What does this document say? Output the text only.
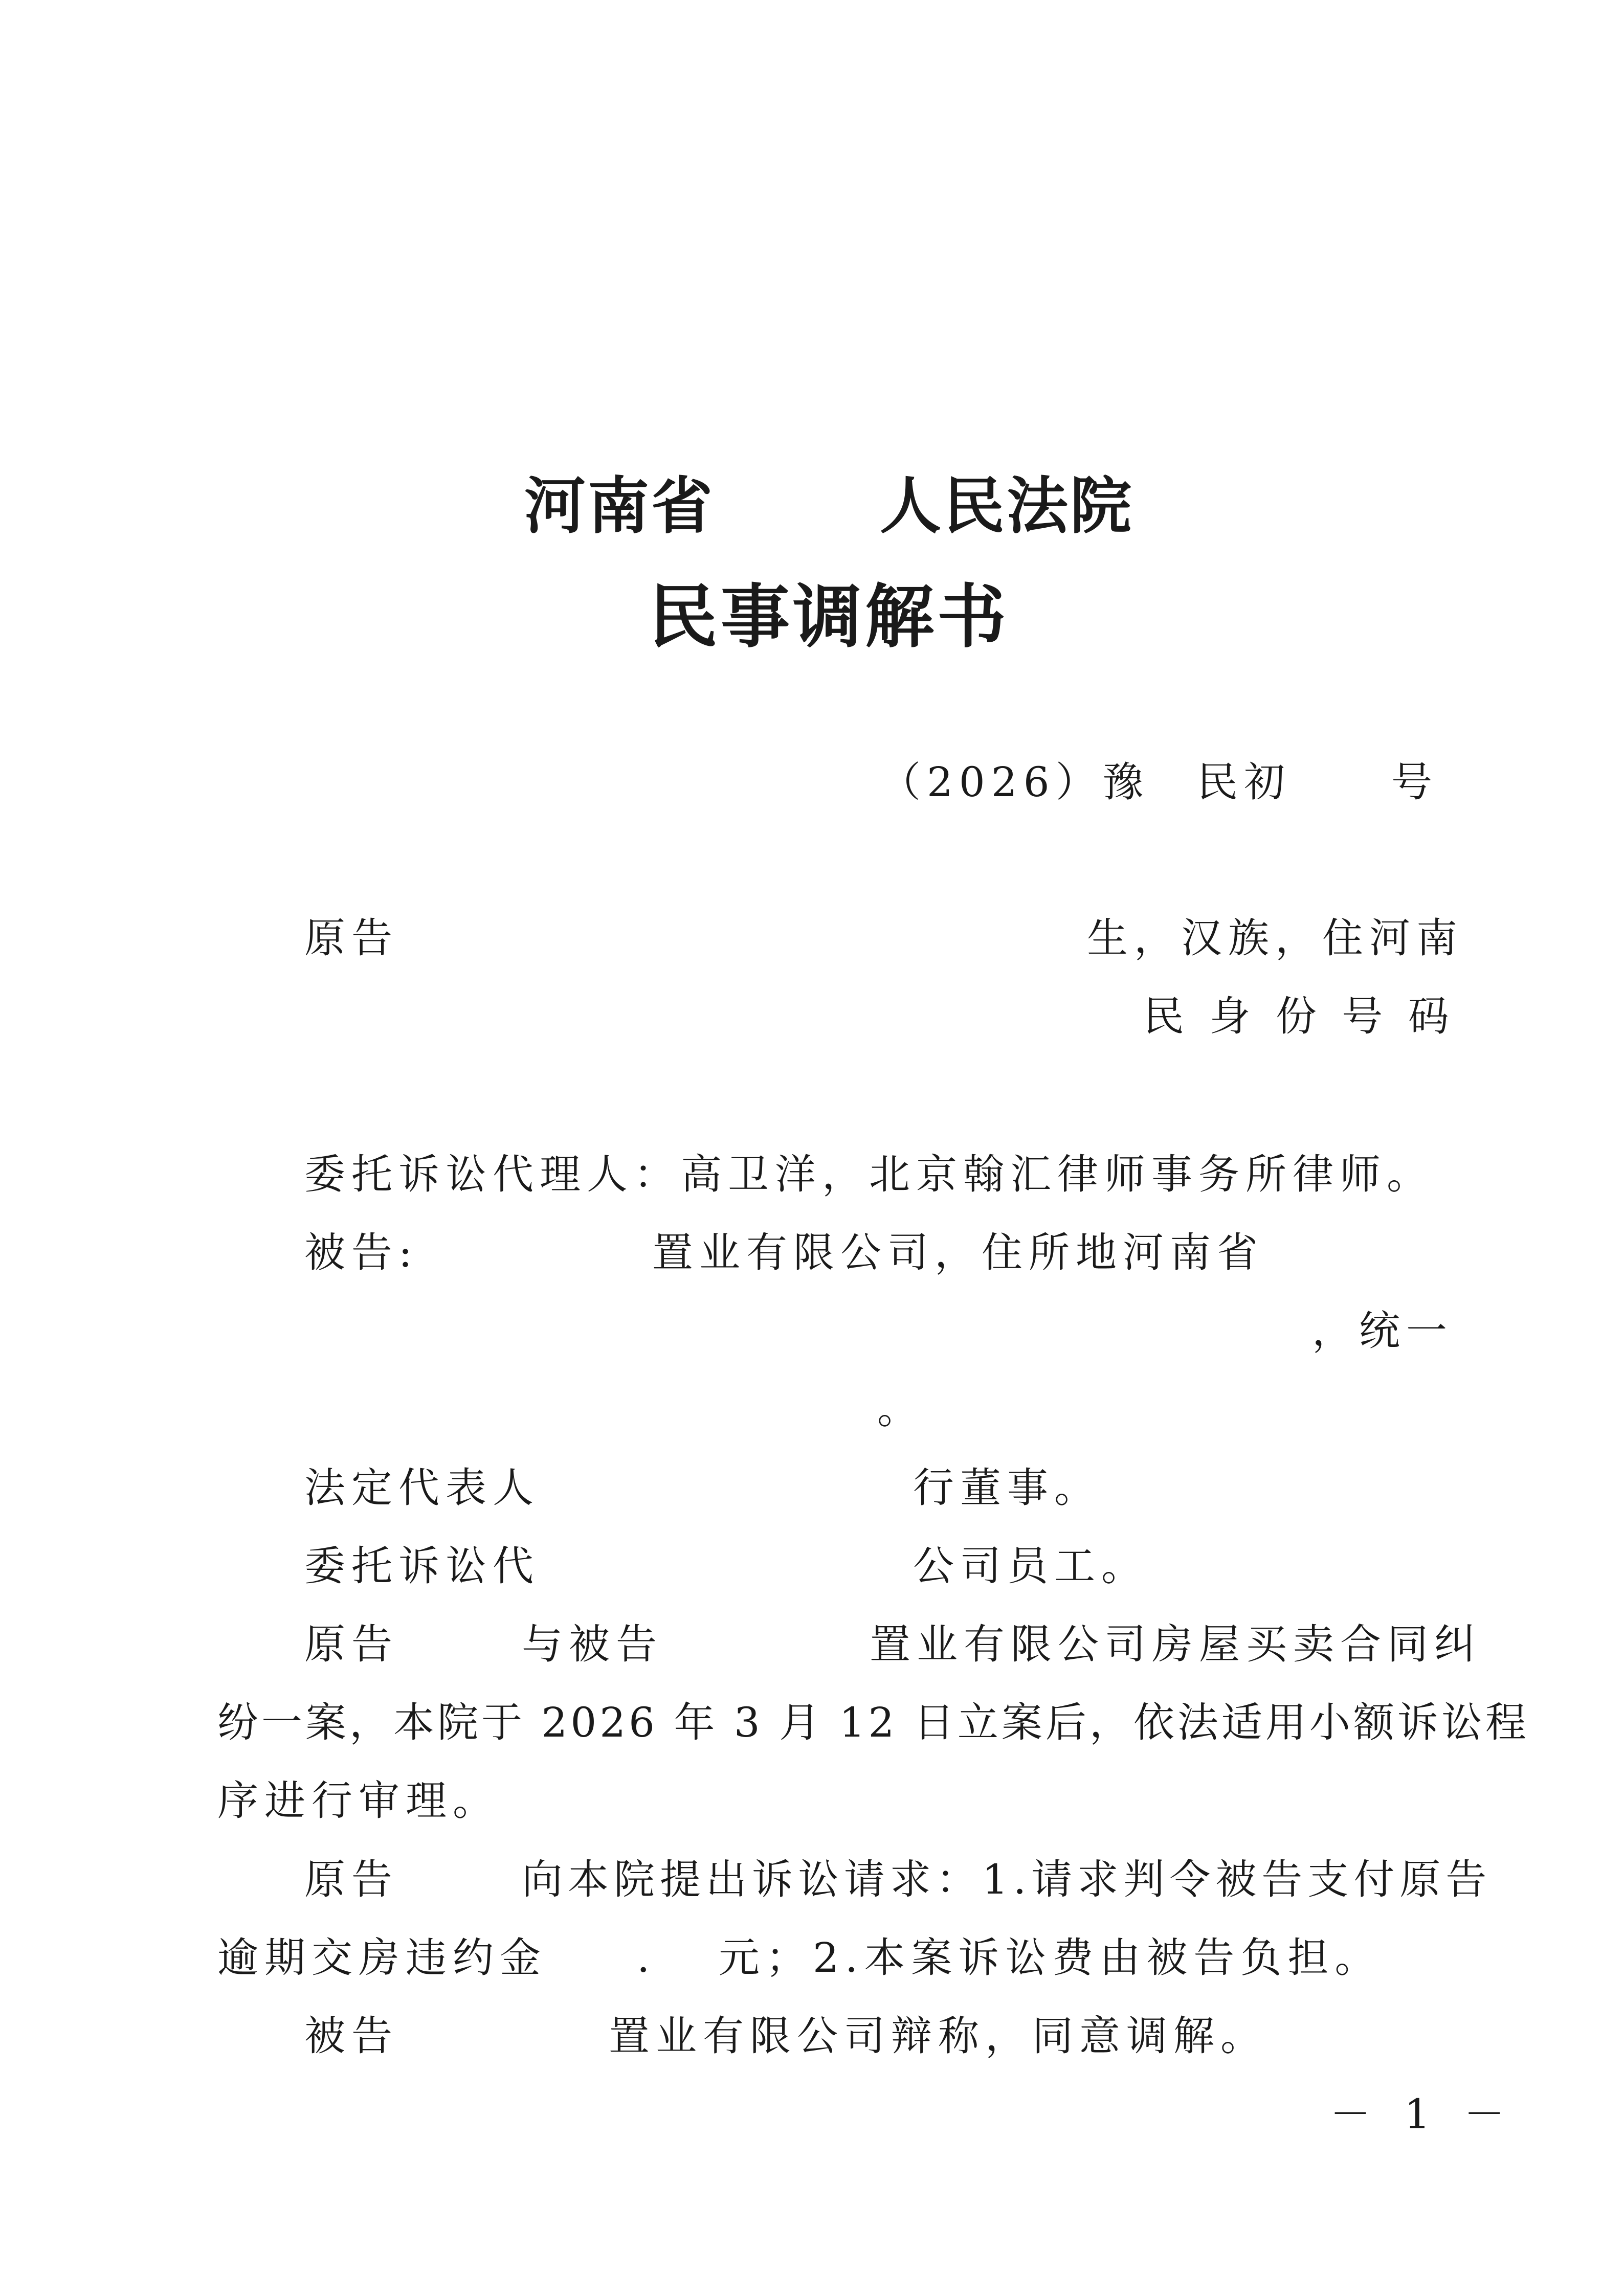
河南省	人民法院
民事调解书
（2026）豫 民初 号
原告	生，汉族，住河南
民 身 份 号 码
委托诉讼代理人：高卫洋，北京翰汇律师事务所律师。
被告:	置业有限公司，住所地河南省
，统一
。
法定代表人	行董事。
委托诉讼代	公司员工。
原告	与被告	置业有限公司房屋买卖合同纠
纷一案，本院于 2026 年 3 月 12 日立案后，依法适用小额诉讼程
序进行审理。
原告	向本院提出诉讼请求：1.请求判令被告支付原告
逾期交房违约金 . 元；2.本案诉讼费由被告负担。
被告	置业有限公司辩称，同意调解。
－ 1 －
